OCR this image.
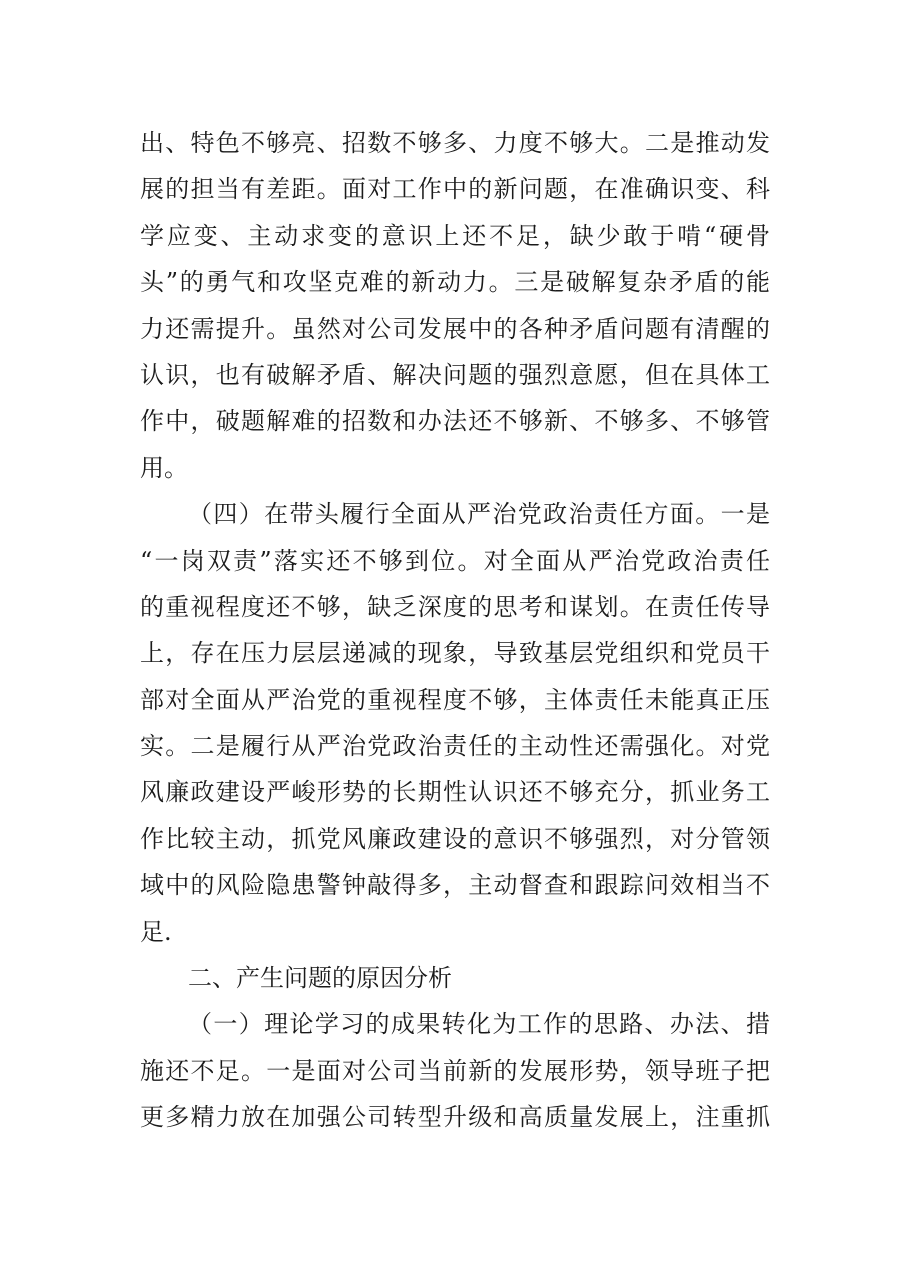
出、特色不够亮、招数不够多、力度不够大。二是推动发
展的担当有差距。面对工作中的新问题，在准确识变、科
学应变、主动求变的意识上还不足，缺少敢于啃“硬骨
头”的勇气和攻坚克难的新动力。三是破解复杂矛盾的能
力还需提升。虽然对公司发展中的各种矛盾问题有清醒的
认识，也有破解矛盾、解决问题的强烈意愿，但在具体工
作中，破题解难的招数和办法还不够新、不够多、不够管
用。
（四）在带头履行全面从严治党政治责任方面。一是
“一岗双责”落实还不够到位。对全面从严治党政治责任
的重视程度还不够，缺乏深度的思考和谋划。在责任传导
上，存在压力层层递减的现象，导致基层党组织和党员干
部对全面从严治党的重视程度不够，主体责任未能真正压
实。二是履行从严治党政治责任的主动性还需强化。对党
风廉政建设严峻形势的长期性认识还不够充分，抓业务工
作比较主动，抓党风廉政建设的意识不够强烈，对分管领
域中的风险隐患警钟敲得多，主动督查和跟踪问效相当不
足.
二、产生问题的原因分析
（一）理论学习的成果转化为工作的思路、办法、措
施还不足。一是面对公司当前新的发展形势，领导班子把
更多精力放在加强公司转型升级和高质量发展上，注重抓
